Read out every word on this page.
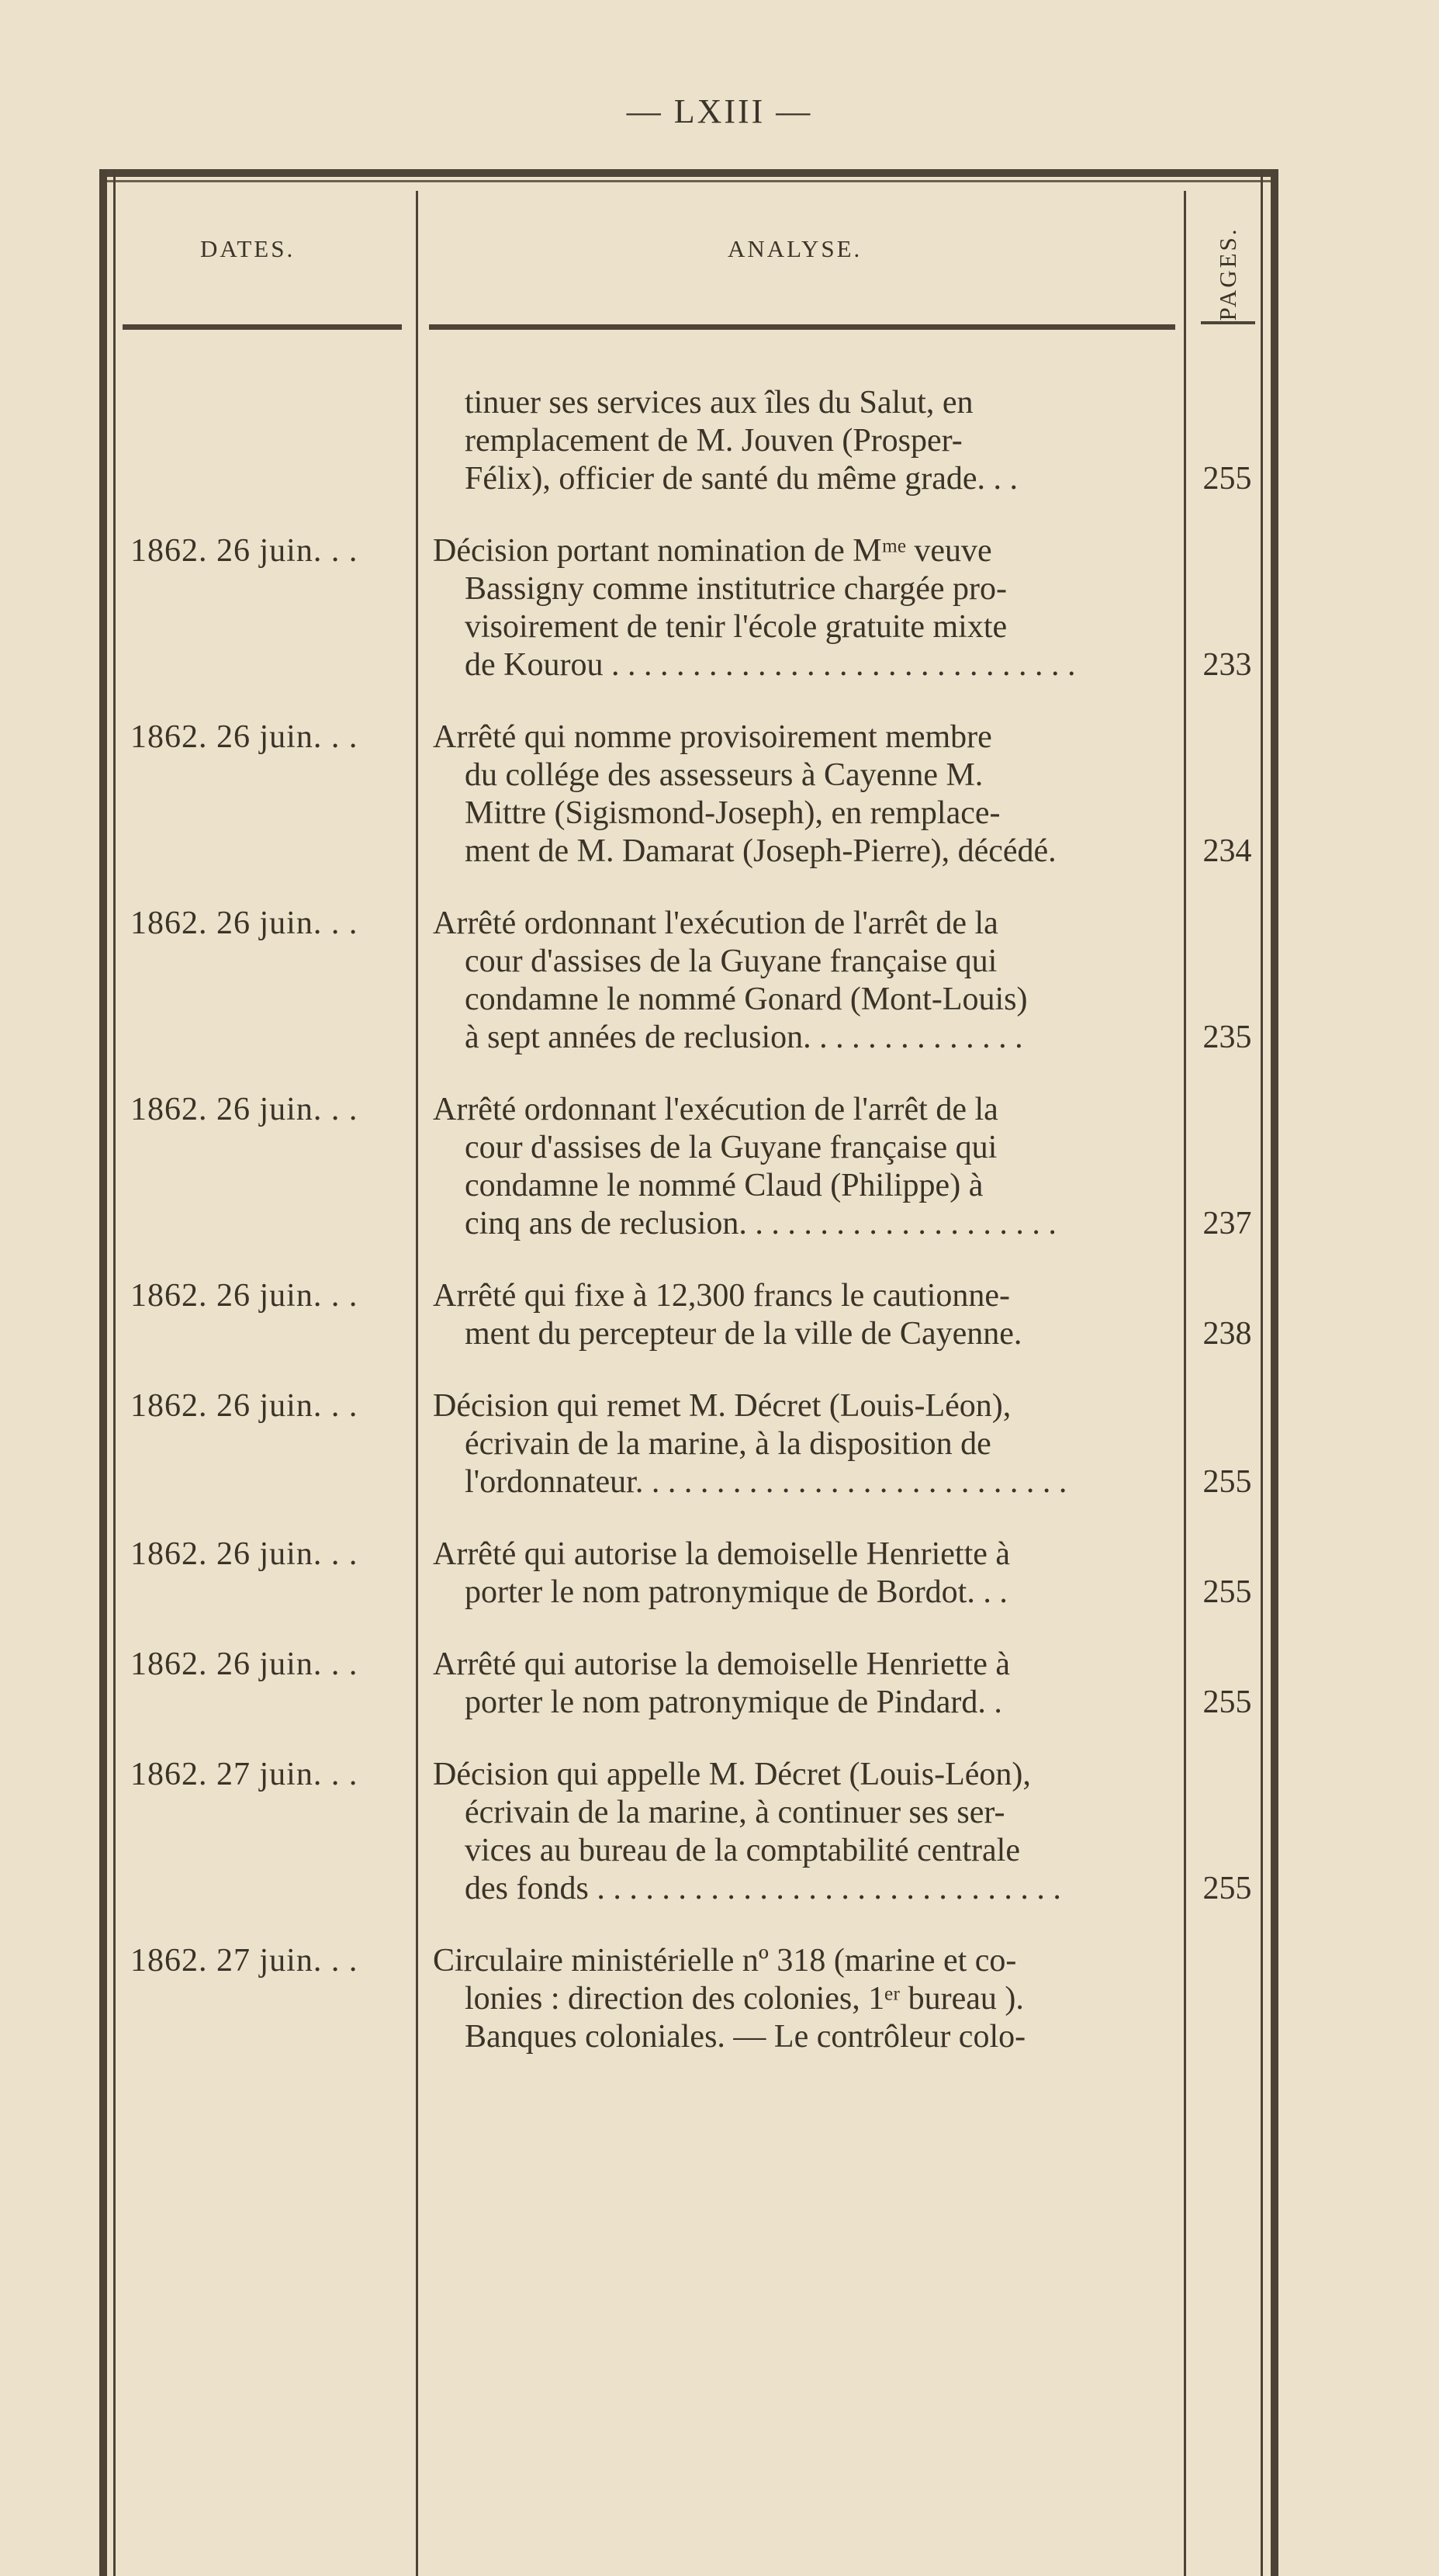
— LXIII —
DATES.	ANALYSE.	PAGES.
tinuer ses services aux îles du Salut, en
remplacement de M. Jouven (Prosper-
Félix), officier de santé du même grade. . .	255
1862. 26 juin. . . Décision portant nomination de Mᵐᵉ veuve
Bassigny comme institutrice chargée pro-
visoirement de tenir l'école gratuite mixte
de Kourou . . . . . . . . . . . . . . . . . . . . . . . . . . . . .	233
1862. 26 juin. . . Arrêté qui nomme provisoirement membre
du collége des assesseurs à Cayenne M.
Mittre (Sigismond-Joseph), en remplace-
ment de M. Damarat (Joseph-Pierre), décédé.	234
1862. 26 juin. . . Arrêté ordonnant l'exécution de l'arrêt de la
cour d'assises de la Guyane française qui
condamne le nommé Gonard (Mont-Louis)
à sept années de reclusion. . . . . . . . . . . . . .	235
1862. 26 juin. . . Arrêté ordonnant l'exécution de l'arrêt de la
cour d'assises de la Guyane française qui
condamne le nommé Claud (Philippe) à
cinq ans de reclusion. . . . . . . . . . . . . . . . . . . .	237
1862. 26 juin. . . Arrêté qui fixe à 12,300 francs le cautionne-
ment du percepteur de la ville de Cayenne.	238
1862. 26 juin. . . Décision qui remet M. Décret (Louis-Léon),
écrivain de la marine, à la disposition de
l'ordonnateur. . . . . . . . . . . . . . . . . . . . . . . . . . .	255
1862. 26 juin. . . Arrêté qui autorise la demoiselle Henriette à
porter le nom patronymique de Bordot. . .	255
1862. 26 juin. . . Arrêté qui autorise la demoiselle Henriette à
porter le nom patronymique de Pindard. .	255
1862. 27 juin. . . Décision qui appelle M. Décret (Louis-Léon),
écrivain de la marine, à continuer ses ser-
vices au bureau de la comptabilité centrale
des fonds . . . . . . . . . . . . . . . . . . . . . . . . . . . . .	255
1862. 27 juin. . . Circulaire ministérielle nº 318 (marine et co-
lonies : direction des colonies, 1ᵉʳ bureau ).
Banques coloniales. — Le contrôleur colo-
